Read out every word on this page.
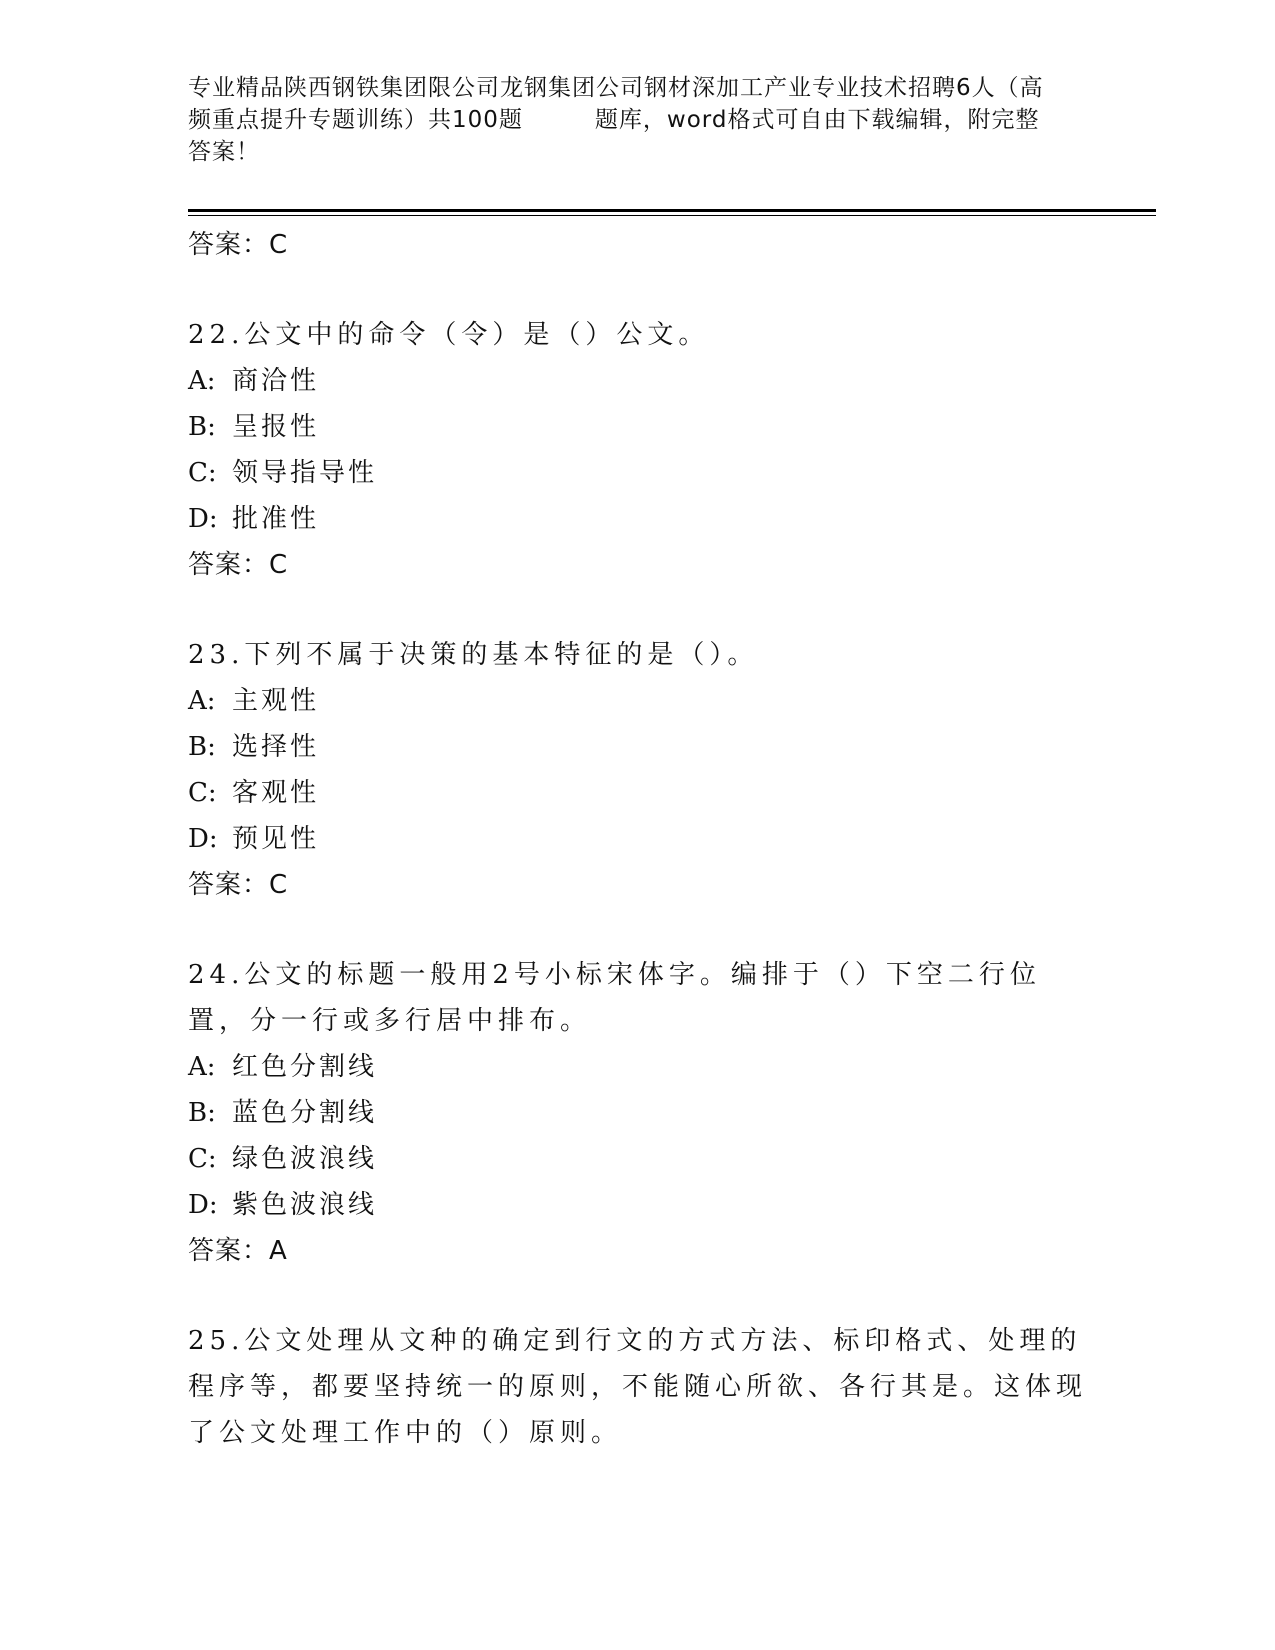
专业精品陕西钢铁集团限公司龙钢集团公司钢材深加工产业专业技术招聘6人（高
频重点提升专题训练）共100题	题库，word格式可自由下载编辑，附完整
答案！
答案：C
22.公文中的命令（令）是（）公文。
A: 商洽性
B: 呈报性
C: 领导指导性
D: 批准性
答案：C
23.下列不属于决策的基本特征的是（）。
A: 主观性
B: 选择性
C: 客观性
D: 预见性
答案：C
24.公文的标题一般用2号小标宋体字。编排于（）下空二行位置，分一行或多行居中排布。
A: 红色分割线
B: 蓝色分割线
C: 绿色波浪线
D: 紫色波浪线
答案：A
25.公文处理从文种的确定到行文的方式方法、标印格式、处理的程序等，都要坚持统一的原则，不能随心所欲、各行其是。这体现了公文处理工作中的（）原则。
